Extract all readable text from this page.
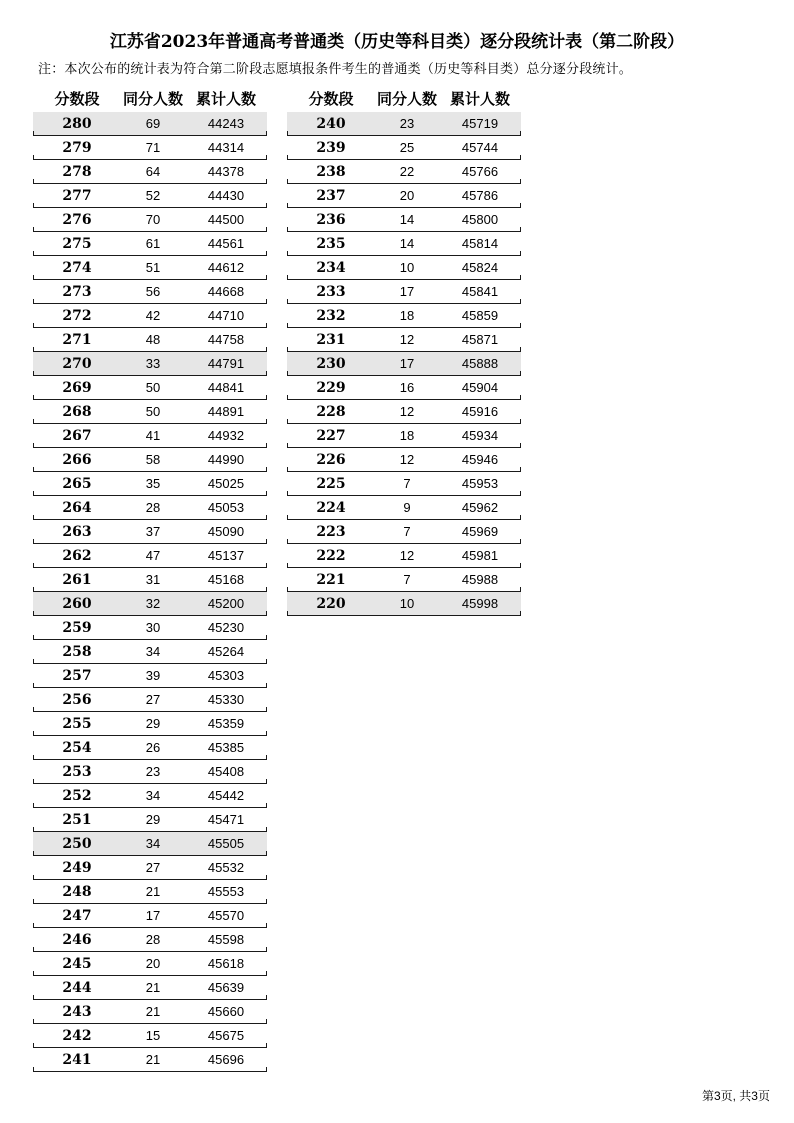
江苏省2023年普通高考普通类（历史等科目类）逐分段统计表（第二阶段）
注：本次公布的统计表为符合第二阶段志愿填报条件考生的普通类（历史等科目类）总分逐分段统计。
分数段	同分人数 累计人数	分数段	同分人数 累计人数
280	69	44243
279	71	44314
278	64	44378
277	52	44430
276	70	44500
275	61	44561
274	51	44612
273	56	44668
272	42	44710
271	48	44758
270	33	44791
269	50	44841
268	50	44891
267	41	44932
266	58	44990
265	35	45025
264	28	45053
263	37	45090
262	47	45137
261	31	45168
260	32	45200
259	30	45230
258	34	45264
257	39	45303
256	27	45330
255	29	45359
254	26	45385
253	23	45408
252	34	45442
251	29	45471
250	34	45505
249	27	45532
248	21	45553
247	17	45570
246	28	45598
245	20	45618
244	21	45639
243	21	45660
242	15	45675
241	21	45696
240	23	45719
239	25	45744
238	22	45766
237	20	45786
236	14	45800
235	14	45814
234	10	45824
233	17	45841
232	18	45859
231	12	45871
230	17	45888
229	16	45904
228	12	45916
227	18	45934
226	12	45946
225	7	45953
224	9	45962
223	7	45969
222	12	45981
221	7	45988
220	10	45998
第3页, 共3页
